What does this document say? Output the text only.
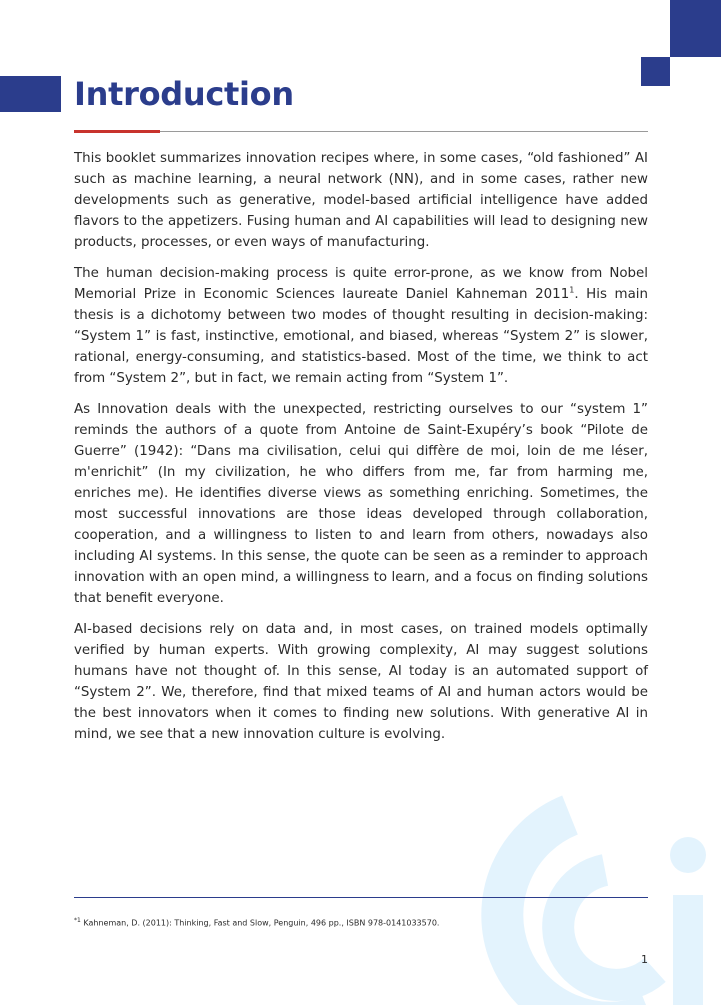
Introduction

This booklet summarizes innovation recipes where, in some cases, “old fashioned” AI such as machine learning, a neural network (NN), and in some cases, rather new developments such as generative, model-based artificial intelligence have added flavors to the appetizers. Fusing human and AI capabilities will lead to designing new products, processes, or even ways of manufacturing.

The human decision-making process is quite error-prone, as we know from Nobel Memorial Prize in Economic Sciences laureate Daniel Kahneman 2011$^1$. His main thesis is a dichotomy between two modes of thought resulting in decision-making: “System 1” is fast, instinctive, emotional, and biased, whereas “System 2” is slower, rational, energy-consuming, and statistics-based. Most of the time, we think to act from “System 2”, but in fact, we remain acting from “System 1”.

As Innovation deals with the unexpected, restricting ourselves to our “system 1” reminds the authors of a quote from Antoine de Saint-Exupéry’s book “Pilote de Guerre” (1942): “Dans ma civilisation, celui qui diffère de moi, loin de me léser, m'enrichit” (In my civilization, he who differs from me, far from harming me, enriches me). He identifies diverse views as something enriching. Sometimes, the most successful innovations are those ideas developed through collaboration, cooperation, and a willingness to listen to and learn from others, nowadays also including AI systems. In this sense, the quote can be seen as a reminder to approach innovation with an open mind, a willingness to learn, and a focus on finding solutions that benefit everyone.

AI-based decisions rely on data and, in most cases, on trained models optimally verified by human experts. With growing complexity, AI may suggest solutions humans have not thought of. In this sense, AI today is an automated support of “System 2”. We, therefore, find that mixed teams of AI and human actors would be the best innovators when it comes to finding new solutions. With generative AI in mind, we see that a new innovation culture is evolving.

$^{*1}$ Kahneman, D. (2011): Thinking, Fast and Slow, Penguin, 496 pp., ISBN 978-0141033570.
1
